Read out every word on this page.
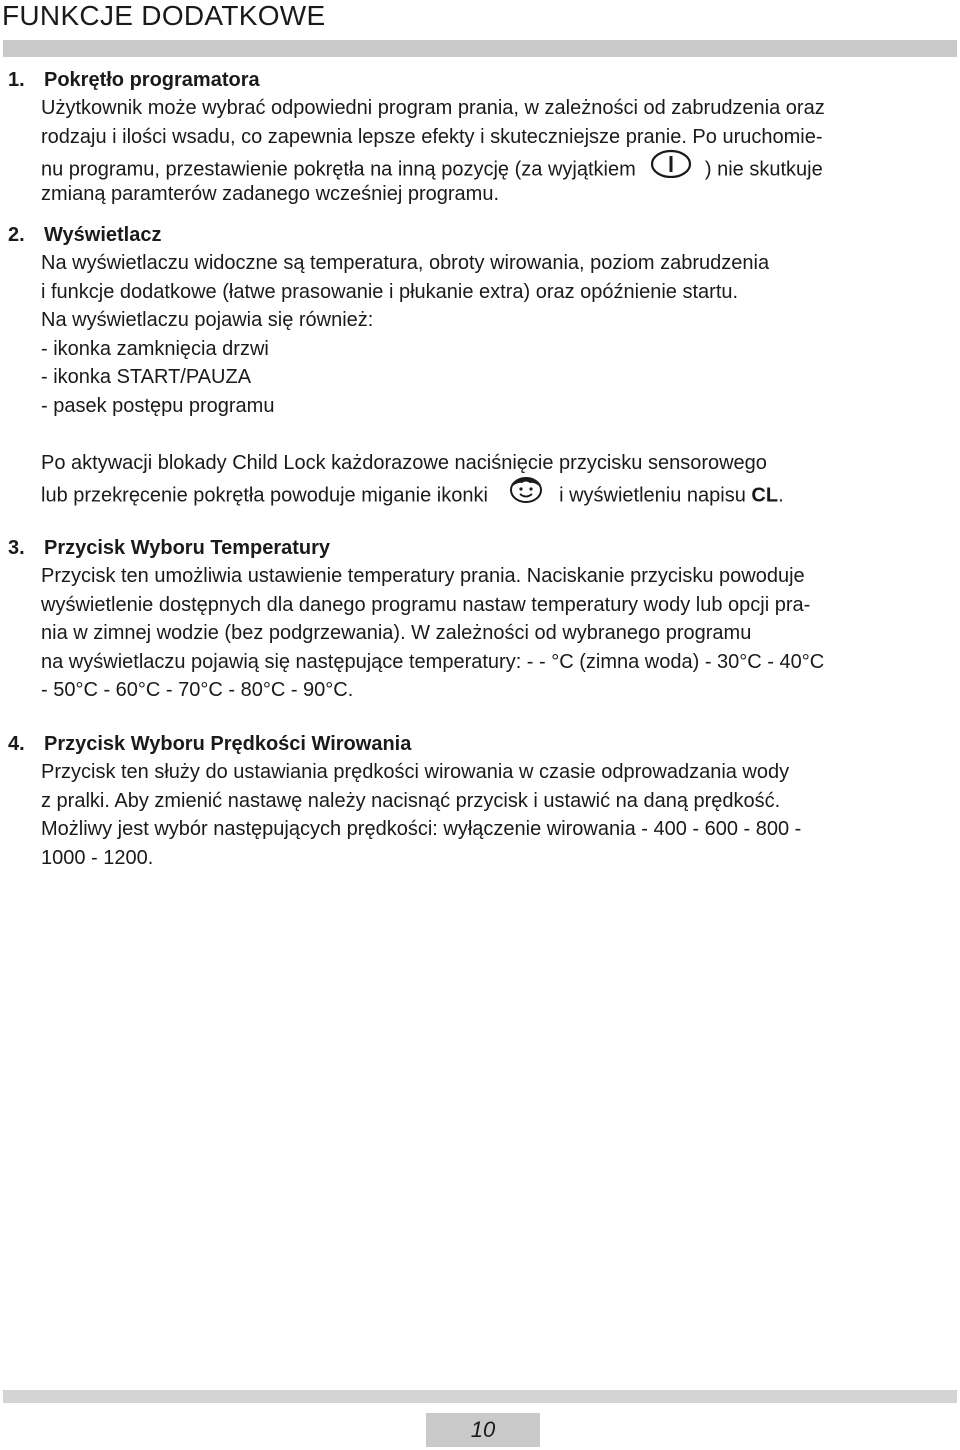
FUNKCJE DODATKOWE
1. Pokrętło programatora
Użytkownik może wybrać odpowiedni program prania, w zależności od zabrudzenia oraz
rodzaju i ilości wsadu, co zapewnia lepsze efekty i skuteczniejsze pranie. Po uruchomie-
nu programu, przestawienie pokrętła na inną pozycję (za wyjątkiem	) nie skutkuje
zmianą paramterów zadanego wcześniej programu.
2. Wyświetlacz
Na wyświetlaczu widoczne są temperatura, obroty wirowania, poziom zabrudzenia
i funkcje dodatkowe (łatwe prasowanie i płukanie extra) oraz opóźnienie startu.
Na wyświetlaczu pojawia się również:
- ikonka zamknięcia drzwi
- ikonka START/PAUZA
- pasek postępu programu
Po aktywacji blokady Child Lock każdorazowe naciśnięcie przycisku sensorowego
lub przekręcenie pokrętła powoduje miganie ikonki	i wyświetleniu napisu CL.
3. Przycisk Wyboru Temperatury
Przycisk ten umożliwia ustawienie temperatury prania. Naciskanie przycisku powoduje
wyświetlenie dostępnych dla danego programu nastaw temperatury wody lub opcji pra-
nia w zimnej wodzie (bez podgrzewania). W zależności od wybranego programu
na wyświetlaczu pojawią się następujące temperatury: - - °C (zimna woda) - 30°C - 40°C
- 50°C - 60°C - 70°C - 80°C - 90°C.
4. Przycisk Wyboru Prędkości Wirowania
Przycisk ten służy do ustawiania prędkości wirowania w czasie odprowadzania wody
z pralki. Aby zmienić nastawę należy nacisnąć przycisk i ustawić na daną prędkość.
Możliwy jest wybór następujących prędkości: wyłączenie wirowania - 400 - 600 - 800 -
1000 - 1200.
10
